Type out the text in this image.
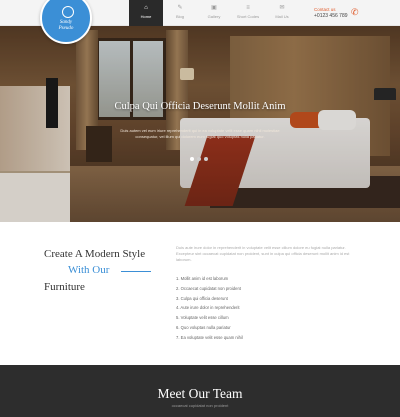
⌂
Home
✎
Blog
▣
Gallery
≡
Short Codes
✉
Mail Us
Contact us
+0123 456 789 ✆
Sandy
Pseudo
Culpa Qui Officia Deserunt Mollit Anim
Duis autem vel eum iriure reprehenderit qui in ea voluptate velit esse quam nihil molestiae consequatur, vel illum qui dolorem eum fugiat quo voluptas nulla pariatur.
Create A Modern Style
With Our
Furniture
Duis aute irure dolor in reprehenderit in voluptate velit esse cillum dolore eu fugiat nulla pariatur. Excepteur sint occaecat cupidatat non proident, sunt in culpa qui officia deserunt mollit anim id est laborum.
1. Mollit anim id est laborum
2. Occaecat cupidatat non proident
3. Culpa qui officia deserunt
4. Aute irure dolor in reprehenderit
5. Voluptate velit esse cillum
6. Quo voluptas nulla pariatur
7. Ea voluptate velit esse quam nihil
Meet Our Team
occaecat cupidatat non proident
